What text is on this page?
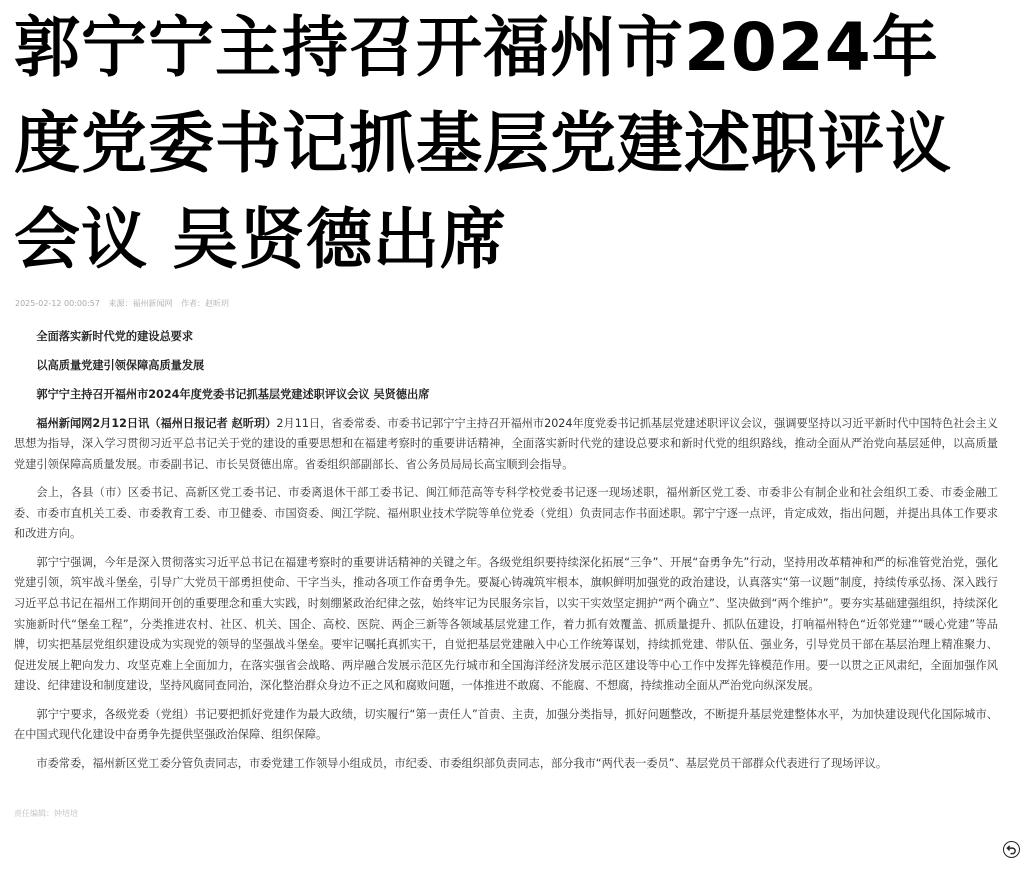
郭宁宁主持召开福州市2024年度党委书记抓基层党建述职评议会议 吴贤德出席
2025-02-12 00:00:57 来源：福州新闻网 作者：赵昕玥

全面落实新时代党的建设总要求

以高质量党建引领保障高质量发展

郭宁宁主持召开福州市2024年度党委书记抓基层党建述职评议会议 吴贤德出席

福州新闻网2月12日讯（福州日报记者 赵昕玥）2月11日，省委常委、市委书记郭宁宁主持召开福州市2024年度党委书记抓基层党建述职评议会议，强调要坚持以习近平新时代中国特色社会主义思想为指导，深入学习贯彻习近平总书记关于党的建设的重要思想和在福建考察时的重要讲话精神，全面落实新时代党的建设总要求和新时代党的组织路线，推动全面从严治党向基层延伸，以高质量党建引领保障高质量发展。市委副书记、市长吴贤德出席。省委组织部副部长、省公务员局局长高宝顺到会指导。

会上，各县（市）区委书记、高新区党工委书记、市委离退休干部工委书记、闽江师范高等专科学校党委书记逐一现场述职，福州新区党工委、市委非公有制企业和社会组织工委、市委金融工委、市委市直机关工委、市委教育工委、市卫健委、市国资委、闽江学院、福州职业技术学院等单位党委（党组）负责同志作书面述职。郭宁宁逐一点评，肯定成效，指出问题，并提出具体工作要求和改进方向。

郭宁宁强调，今年是深入贯彻落实习近平总书记在福建考察时的重要讲话精神的关键之年。各级党组织要持续深化拓展“三争”、开展“奋勇争先”行动，坚持用改革精神和严的标准管党治党，强化党建引领，筑牢战斗堡垒，引导广大党员干部勇担使命、干字当头，推动各项工作奋勇争先。要凝心铸魂筑牢根本，旗帜鲜明加强党的政治建设，认真落实“第一议题”制度，持续传承弘扬、深入践行习近平总书记在福州工作期间开创的重要理念和重大实践，时刻绷紧政治纪律之弦，始终牢记为民服务宗旨，以实干实效坚定拥护“两个确立”、坚决做到“两个维护”。要夯实基础建强组织，持续深化实施新时代“堡垒工程”，分类推进农村、社区、机关、国企、高校、医院、两企三新等各领域基层党建工作，着力抓有效覆盖、抓质量提升、抓队伍建设，打响福州特色“近邻党建”“暖心党建”等品牌，切实把基层党组织建设成为实现党的领导的坚强战斗堡垒。要牢记嘱托真抓实干，自觉把基层党建融入中心工作统筹谋划，持续抓党建、带队伍、强业务，引导党员干部在基层治理上精准聚力、促进发展上靶向发力、攻坚克难上全面加力，在落实强省会战略、两岸融合发展示范区先行城市和全国海洋经济发展示范区建设等中心工作中发挥先锋模范作用。要一以贯之正风肃纪，全面加强作风建设、纪律建设和制度建设，坚持风腐同查同治，深化整治群众身边不正之风和腐败问题，一体推进不敢腐、不能腐、不想腐，持续推动全面从严治党向纵深发展。

郭宁宁要求，各级党委（党组）书记要把抓好党建作为最大政绩，切实履行“第一责任人”首责、主责，加强分类指导，抓好问题整改，不断提升基层党建整体水平，为加快建设现代化国际城市、在中国式现代化建设中奋勇争先提供坚强政治保障、组织保障。

市委常委，福州新区党工委分管负责同志，市委党建工作领导小组成员，市纪委、市委组织部负责同志，部分我市“两代表一委员”、基层党员干部群众代表进行了现场评议。

责任编辑：钟培培
